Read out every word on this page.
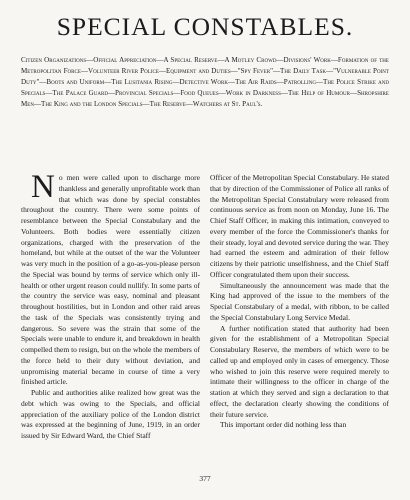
SPECIAL CONSTABLES.
Citizen Organizations—Official Appreciation—A Special Reserve—A Motley Crowd—Divisions' Work—Formation of the Metropolitan Force—Volunteer River Police—Equipment and Duties—"Spy Fever"—The Daily Task—"Vulnerable Point Duty"—Boots and Uniform—The Lusitania Rising—Detective Work—The Air Raids—Patrolling—The Police Strike and Specials—The Palace Guard—Provincial Specials—Food Queues—Work in Darkness—The Help of Humour—Shropshire Men—The King and the London Specials—The Reserve—Watchers at St. Paul's.

No men were called upon to discharge more thankless and generally unprofitable work than that which was done by special constables throughout the country. There were some points of resemblance between the Special Constabulary and the Volunteers. Both bodies were essentially citizen organizations, charged with the preservation of the homeland, but while at the outset of the war the Volunteer was very much in the position of a go-as-you-please person the Special was bound by terms of service which only ill-health or other urgent reason could nullify. In some parts of the country the service was easy, nominal and pleasant throughout hostilities, but in London and other raid areas the task of the Specials was consistently trying and dangerous. So severe was the strain that some of the Specials were unable to endure it, and breakdown in health compelled them to resign, but on the whole the members of the force held to their duty without deviation, and unpromising material became in course of time a very finished article.

Public and authorities alike realized how great was the debt which was owing to the Specials, and official appreciation of the auxiliary police of the London district was expressed at the beginning of June, 1919, in an order issued by Sir Edward Ward, the Chief Staff

Officer of the Metropolitan Special Constabulary. He stated that by direction of the Commissioner of Police all ranks of the Metropolitan Special Constabulary were released from continuous service as from noon on Monday, June 16. The Chief Staff Officer, in making this intimation, conveyed to every member of the force the Commissioner's thanks for their steady, loyal and devoted service during the war. They had earned the esteem and admiration of their fellow citizens by their patriotic unselfishness, and the Chief Staff Officer congratulated them upon their success.

Simultaneously the announcement was made that the King had approved of the issue to the members of the Special Constabulary of a medal, with ribbon, to be called the Special Constabulary Long Service Medal.

A further notification stated that authority had been given for the establishment of a Metropolitan Special Constabulary Reserve, the members of which were to be called up and employed only in cases of emergency. Those who wished to join this reserve were required merely to intimate their willingness to the officer in charge of the station at which they served and sign a declaration to that effect, the declaration clearly showing the conditions of their future service.

This important order did nothing less than

377
